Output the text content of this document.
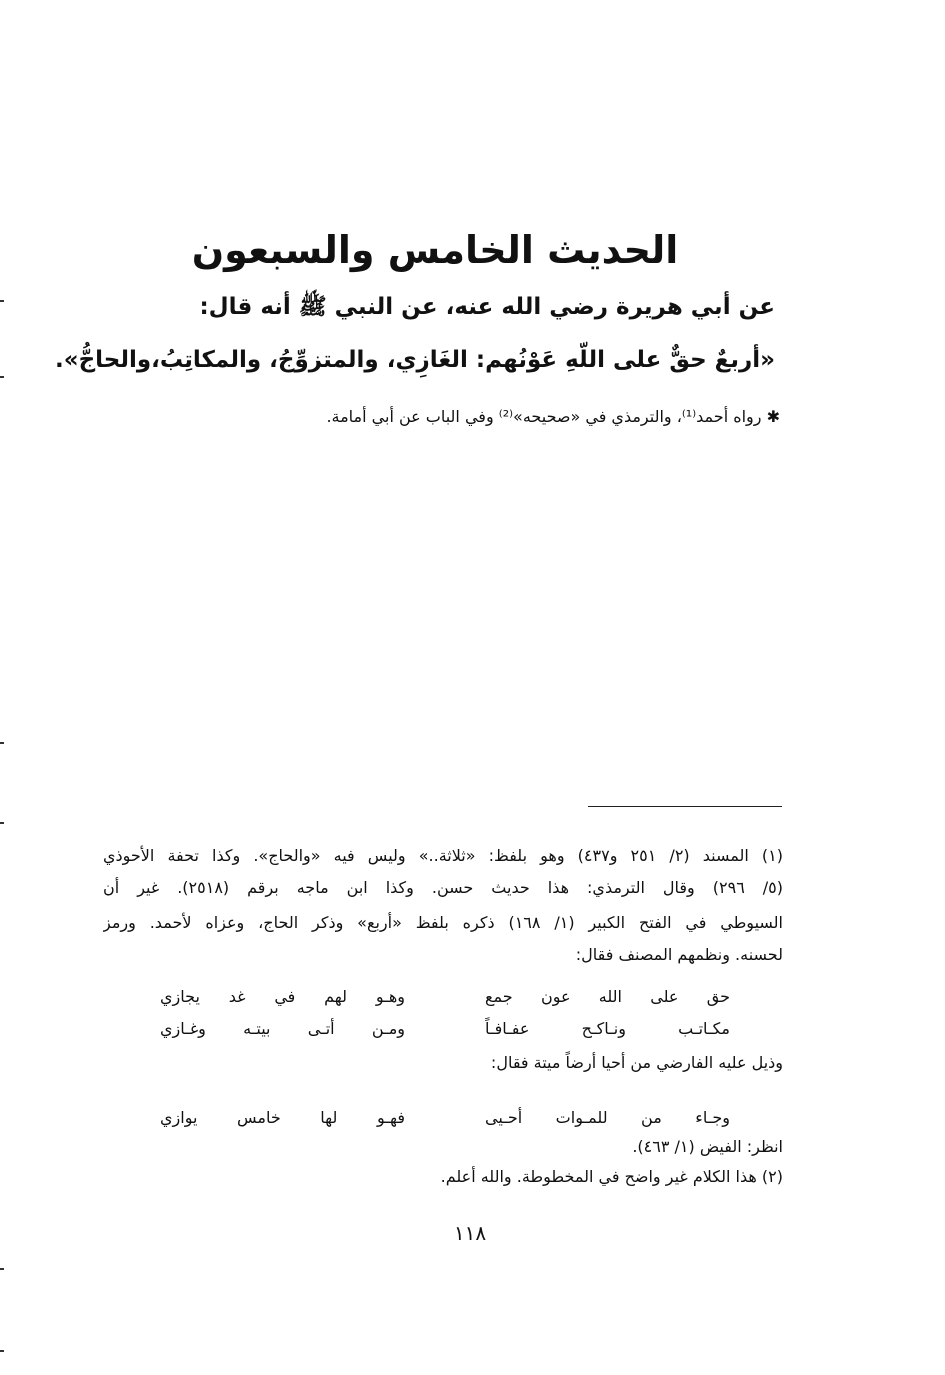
الحديث الخامس والسبعون
عن أبي هريرة رضي الله عنه، عن النبي ﷺ أنه قال:
«أربعٌ حقٌّ على اللّهِ عَوْنُهم: الغَازِي، والمتزوِّجُ، والمكاتِبُ،والحاجُّ».
✱ رواه أحمد⁽¹⁾، والترمذي في «صحيحه»⁽²⁾ وفي الباب عن أبي أمامة.
(١) المسند (٢/ ٢٥١ و٤٣٧) وهو بلفظ: «ثلاثة..» وليس فيه «والحاج». وكذا تحفة الأحوذي
(٥/ ٢٩٦) وقال الترمذي: هذا حديث حسن. وكذا ابن ماجه برقم (٢٥١٨). غير أن
السيوطي في الفتح الكبير (١/ ١٦٨) ذكره بلفظ «أربع» وذكر الحاج، وعزاه لأحمد. ورمز
لحسنه. ونظمهم المصنف فقال:
حق على الله عون جمع
وهـو لهم في غد يجازي
مكـاتـب ونـاكـح عفـافـاً
ومـن أتـى بيتـه وغـازي
وذيل عليه الفارضي من أحيا أرضاً ميتة فقال:
وجـاء من للمـوات أحـيى
فهـو لها خامس يوازي
انظر: الفيض (١/ ٤٦٣).
(٢) هذا الكلام غير واضح في المخطوطة. والله أعلم.
١١٨
